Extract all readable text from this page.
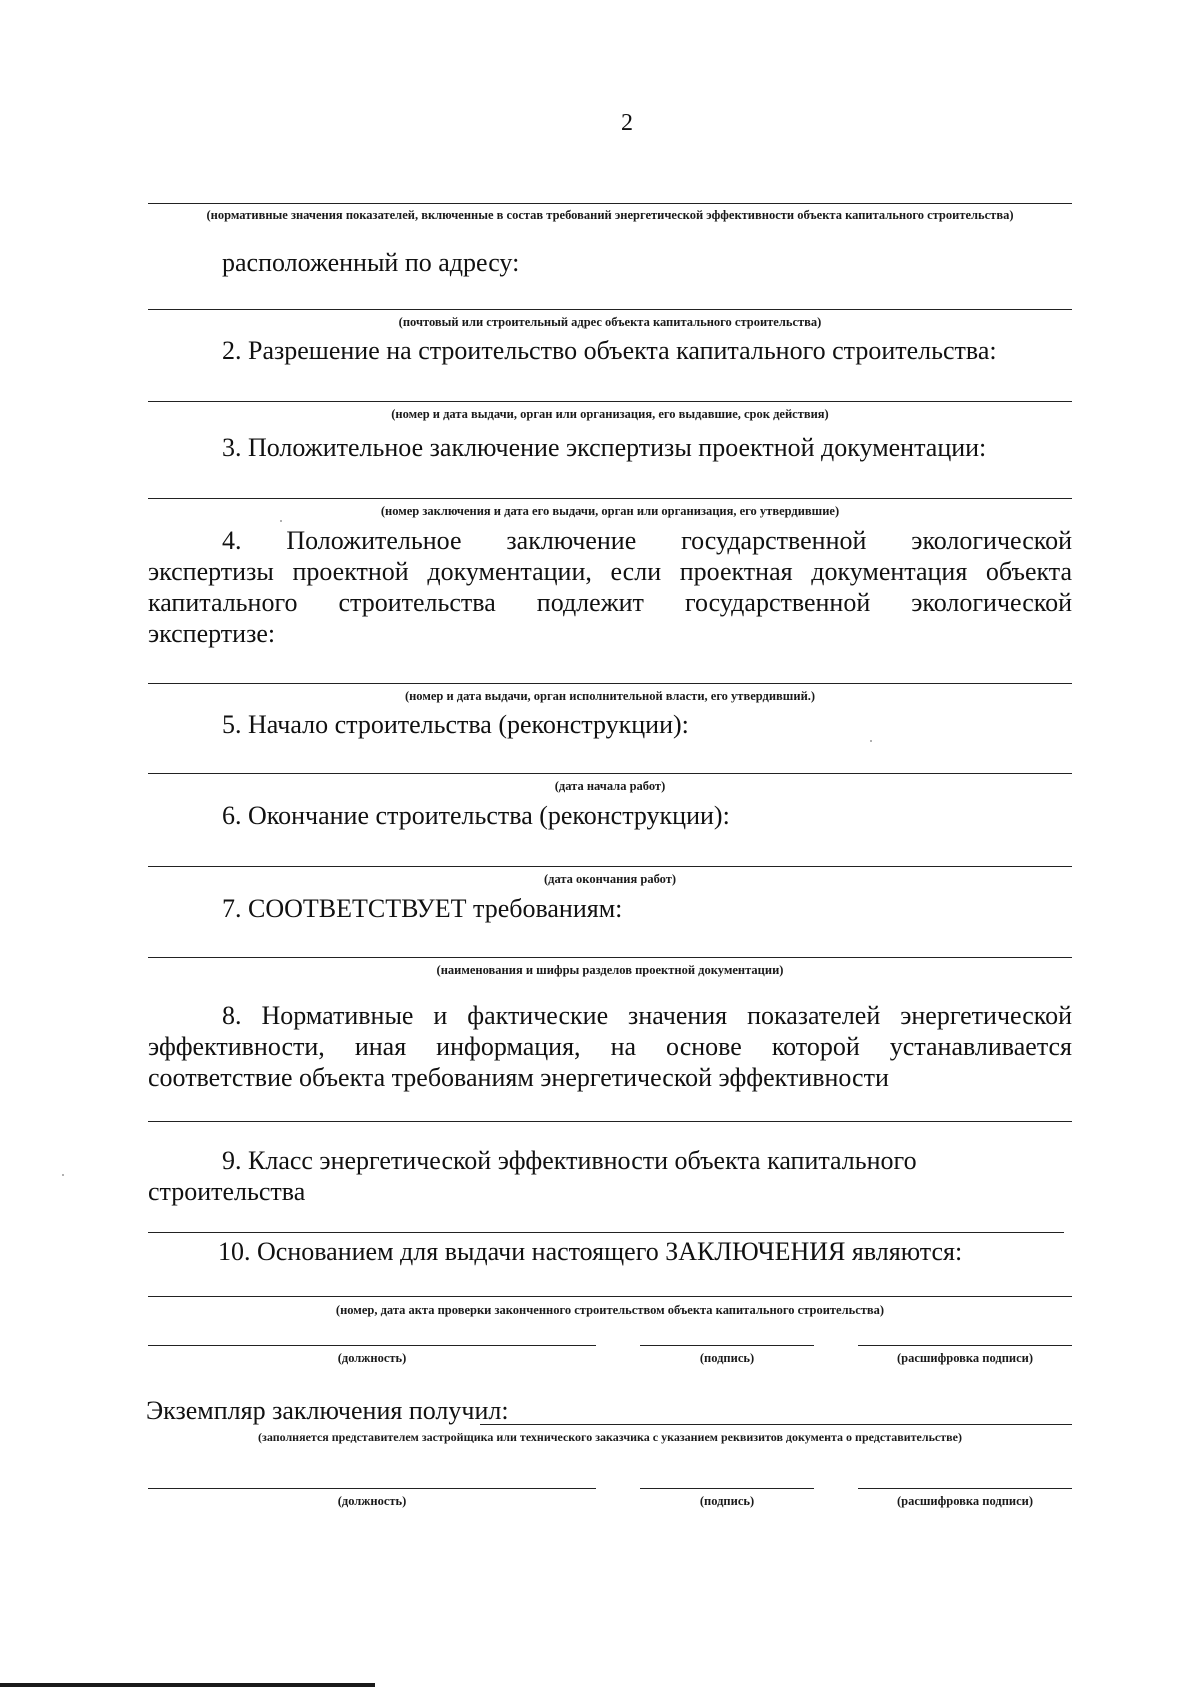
2
(нормативные значения показателей, включенные в состав требований энергетической эффективности объекта капитального строительства)
расположенный по адресу:
(почтовый или строительный адрес объекта капитального строительства)
2. Разрешение на строительство объекта капитального строительства:
(номер и дата выдачи, орган или организация, его выдавшие, срок действия)
3. Положительное заключение экспертизы проектной документации:
(номер заключения и дата его выдачи, орган или организация, его утвердившие)
4. Положительное заключение государственной экологической
экспертизы проектной документации, если проектная документация объекта
капитального строительства подлежит государственной экологической
экспертизе:
(номер и дата выдачи, орган исполнительной власти, его утвердивший.)
5. Начало строительства (реконструкции):
(дата начала работ)
6. Окончание строительства (реконструкции):
(дата окончания работ)
7. СООТВЕТСТВУЕТ требованиям:
(наименования и шифры разделов проектной документации)
8. Нормативные и фактические значения показателей энергетической
эффективности, иная информация, на основе которой устанавливается
соответствие объекта требованиям энергетической эффективности
9. Класс энергетической эффективности объекта капитального
строительства
10. Основанием для выдачи настоящего ЗАКЛЮЧЕНИЯ являются:
(номер, дата акта проверки законченного строительством объекта капитального строительства)
(должность)	(подпись)	(расшифровка подписи)
Экземпляр заключения получил:
(заполняется представителем застройщика или технического заказчика с указанием реквизитов документа о представительстве)
(должность)	(подпись)	(расшифровка подписи)
